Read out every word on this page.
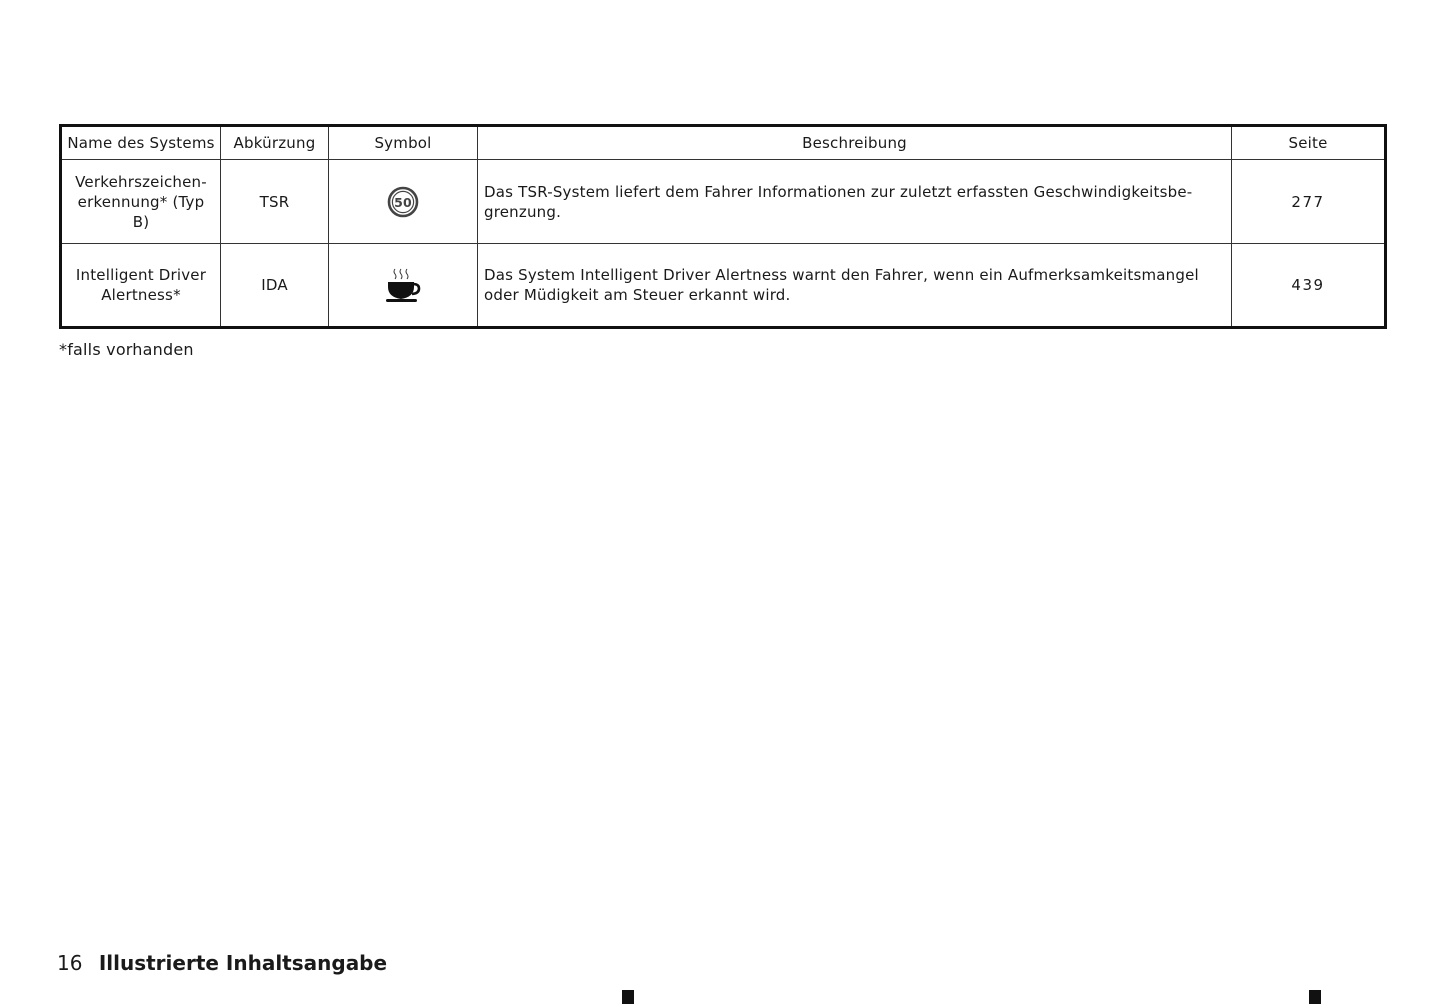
Name des Systems	Abkürzung	Symbol	Beschreibung	Seite
Verkehrszeichen-erkennung* (Typ B)	TSR	50	Das TSR-System liefert dem Fahrer Informationen zur zuletzt erfassten Geschwindigkeitsbe-grenzung.	277
Intelligent Driver Alertness*	IDA		Das System Intelligent Driver Alertness warnt den Fahrer, wenn ein Aufmerksamkeitsmangel oder Müdigkeit am Steuer erkannt wird.	439

*falls vorhanden

16 Illustrierte Inhaltsangabe
